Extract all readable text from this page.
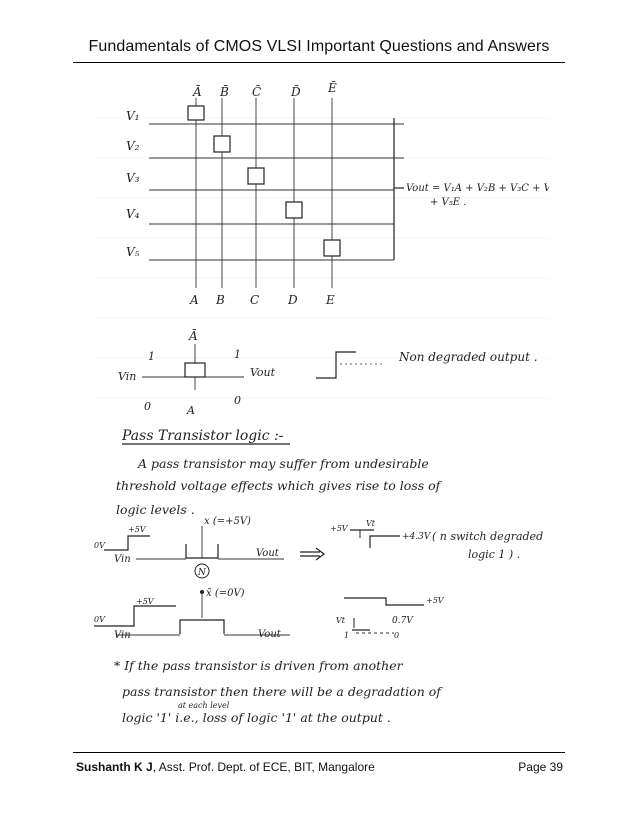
Fundamentals of CMOS VLSI Important Questions and Answers
Ā B̄ C̄ D̄ Ē
V₁
V₂
V₃
V₄
V₅
A B C D E
Vout = V₁A + V₂B + V₃C + V₄D
+ V₅E .
Ā
Vin	Vout
A
1	1
0	0
Non degraded output .
Pass Transistor logic :-
A pass transistor may suffer from undesirable
threshold voltage effects which gives rise to loss of
logic levels .
+5V
0V
x (=+5V)
Vin
N
Vout
+5V
Vt
+4.3V ( n switch degraded
logic 1 ) .
+5V
0V
x̄ (=0V)
Vin	Vout
+5V
Vt	0.7V
1	0
* If the pass transistor is driven from another
pass transistor then there will be a degradation of
at each level
logic '1' i.e., loss of logic '1' at the output .
Sushanth K J, Asst. Prof. Dept. of ECE, BIT, Mangalore	Page 39
